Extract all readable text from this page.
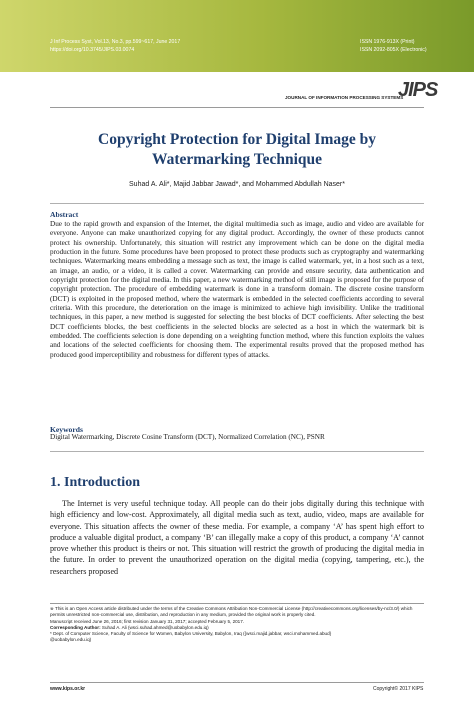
J Inf Process Syst, Vol.13, No.3, pp.599~617, June 2017
https://doi.org/10.3745/JIPS.03.0074
ISSN 1976-913X (Print)
ISSN 2092-805X (Electronic)
JOURNAL OF INFORMATION PROCESSING SYSTEMS
JIPS
Copyright Protection for Digital Image by Watermarking Technique
Suhad A. Ali*, Majid Jabbar Jawad*, and Mohammed Abdullah Naser*
Abstract
Due to the rapid growth and expansion of the Internet, the digital multimedia such as image, audio and video are available for everyone. Anyone can make unauthorized copying for any digital product. Accordingly, the owner of these products cannot protect his ownership. Unfortunately, this situation will restrict any improvement which can be done on the digital media production in the future. Some procedures have been proposed to protect these products such as cryptography and watermarking techniques. Watermarking means embedding a message such as text, the image is called watermark, yet, in a host such as a text, an image, an audio, or a video, it is called a cover. Watermarking can provide and ensure security, data authentication and copyright protection for the digital media. In this paper, a new watermarking method of still image is proposed for the purpose of copyright protection. The procedure of embedding watermark is done in a transform domain. The discrete cosine transform (DCT) is exploited in the proposed method, where the watermark is embedded in the selected coefficients according to several criteria. With this procedure, the deterioration on the image is minimized to achieve high invisibility. Unlike the traditional techniques, in this paper, a new method is suggested for selecting the best blocks of DCT coefficients. After selecting the best DCT coefficients blocks, the best coefficients in the selected blocks are selected as a host in which the watermark bit is embedded. The coefficients selection is done depending on a weighting function method, where this function exploits the values and locations of the selected coefficients for choosing them. The experimental results proved that the proposed method has produced good imperceptibility and robustness for different types of attacks.
Keywords
Digital Watermarking, Discrete Cosine Transform (DCT), Normalized Correlation (NC), PSNR
1. Introduction
The Internet is very useful technique today. All people can do their jobs digitally during this technique with high efficiency and low-cost. Approximately, all digital media such as text, audio, video, maps are available for everyone. This situation affects the owner of these media. For example, a company ‘A’ has spent high effort to produce a valuable digital product, a company ‘B’ can illegally make a copy of this product, a company ‘A’ cannot prove whether this product is theirs or not. This situation will restrict the growth of producing the digital media in the future. In order to prevent the unauthorized operation on the digital media (copying, tampering, etc.), the researchers proposed
※ This is an Open Access article distributed under the terms of the Creative Commons Attribution Non-Commercial License (http://creativecommons.org/licenses/by-nc/3.0/) which
permits unrestricted non-commercial use, distribution, and reproduction in any medium, provided the original work is properly cited.
Manuscript received June 26, 2016; first revision January 31, 2017; accepted February 5, 2017.
Corresponding Author: Suhad A. Ali (wsci.suhad.ahmed@uobabylon.edu.iq)
* Dept. of Computer Science, Faculty of Science for Women, Babylon University, Babylon, Iraq ({wsci.majid.jabbar, wsci.mohammed.abud}
@uobabylon.edu.iq)
www.kips.or.kr	Copyright© 2017 KIPS
